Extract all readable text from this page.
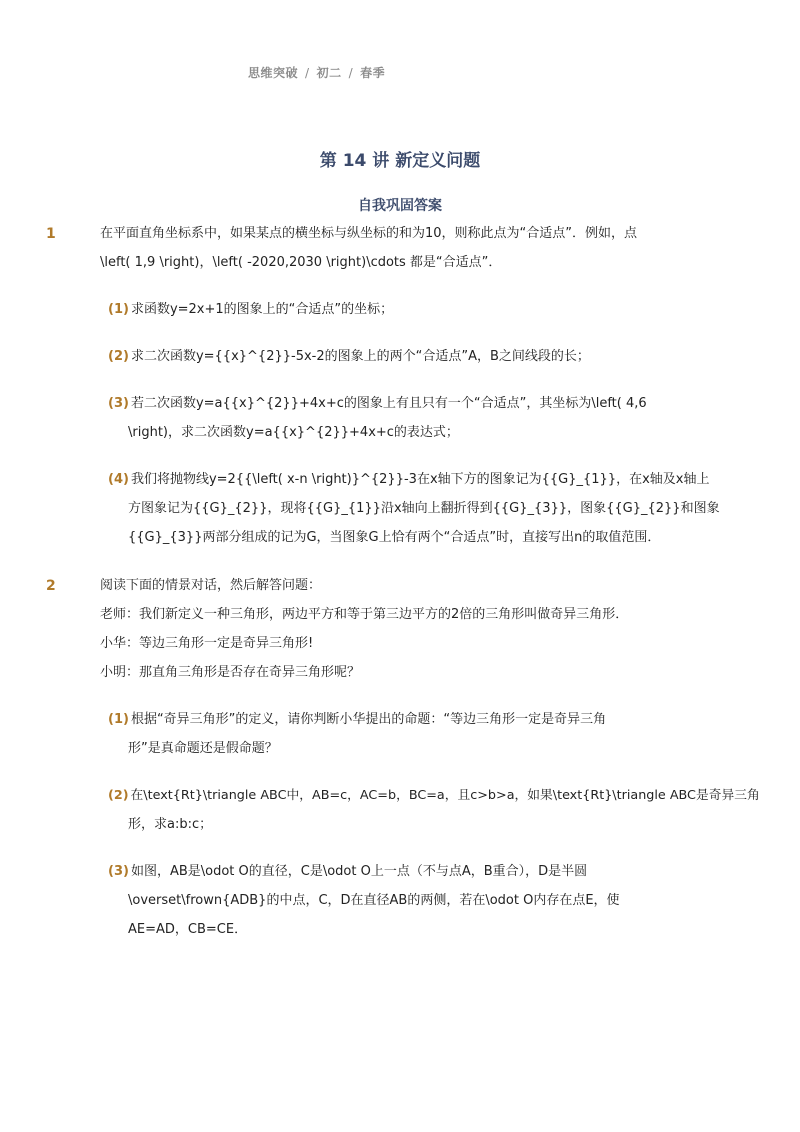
思维突破 / 初二 / 春季
第 14 讲 新定义问题
自我巩固答案
1	在平面直角坐标系中，如果某点的横坐标与纵坐标的和为10，则称此点为“合适点”．例如，点
\left( 1,9 \right)，\left( -2020,2030 \right)\cdots 都是“合适点”．
(1) 求函数y=2x+1的图象上的“合适点”的坐标；
(2) 求二次函数y={{x}^{2}}-5x-2的图象上的两个“合适点”A，B之间线段的长；
(3) 若二次函数y=a{{x}^{2}}+4x+c的图象上有且只有一个“合适点”，其坐标为\left( 4,6
\right)，求二次函数y=a{{x}^{2}}+4x+c的表达式；
(4) 我们将抛物线y=2{{\left( x-n \right)}^{2}}-3在x轴下方的图象记为{{G}_{1}}，在x轴及x轴上
方图象记为{{G}_{2}}，现将{{G}_{1}}沿x轴向上翻折得到{{G}_{3}}，图象{{G}_{2}}和图象
{{G}_{3}}两部分组成的记为G，当图象G上恰有两个“合适点”时，直接写出n的取值范围．
2	阅读下面的情景对话，然后解答问题：
老师：我们新定义一种三角形，两边平方和等于第三边平方的2倍的三角形叫做奇异三角形．
小华：等边三角形一定是奇异三角形!
小明：那直角三角形是否存在奇异三角形呢？
(1) 根据“奇异三角形”的定义，请你判断小华提出的命题：“等边三角形一定是奇异三角
形”是真命题还是假命题？
(2) 在\text{Rt}\triangle ABC中，AB=c，AC=b，BC=a，且c>b>a，如果\text{Rt}\triangle ABC是奇异三角
形，求a:b:c；
(3) 如图，AB是\odot O的直径，C是\odot O上一点（不与点A，B重合），D是半圆
\overset\frown{ADB}的中点，C，D在直径AB的两侧，若在\odot O内存在点E，使
AE=AD，CB=CE．
